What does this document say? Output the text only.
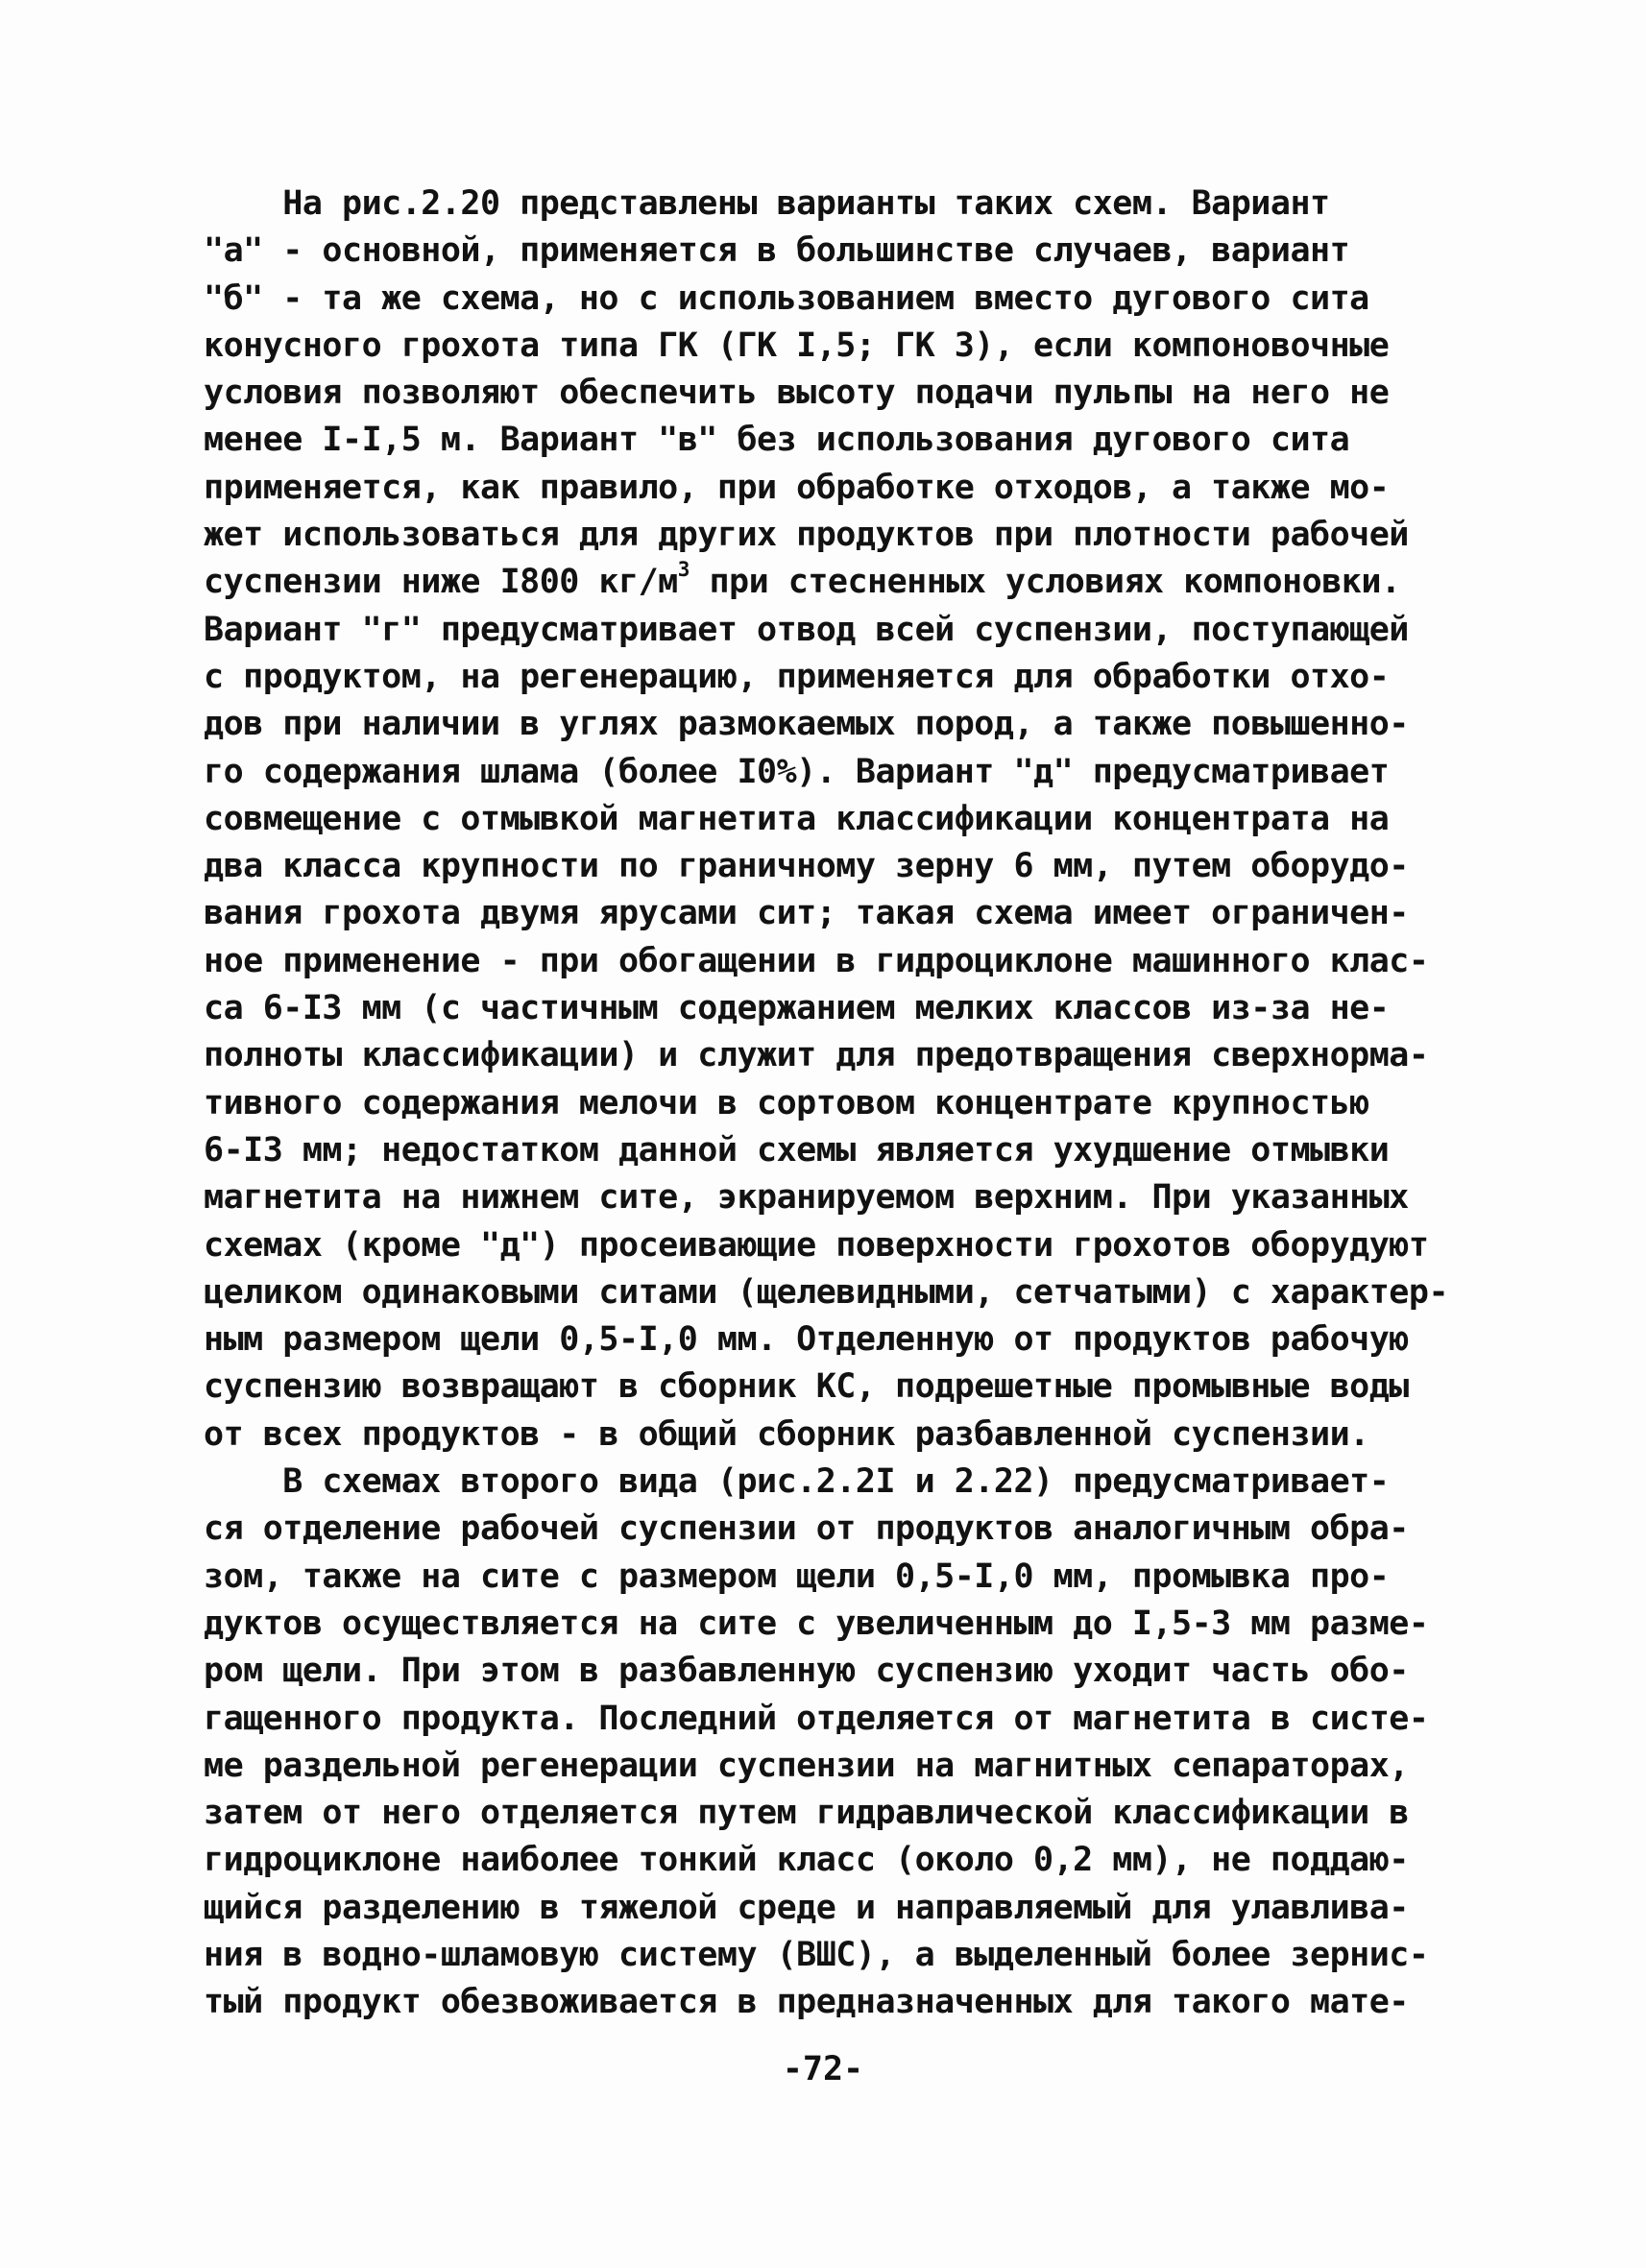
На рис.2.20 представлены варианты таких схем. Вариант
"а" - основной, применяется в большинстве случаев, вариант
"б" - та же схема, но с использованием вместо дугового сита
конусного грохота типа ГК (ГК I,5; ГК 3), если компоновочные
условия позволяют обеспечить высоту подачи пульпы на него не
менее I-I,5 м. Вариант "в" без использования дугового сита
применяется, как правило, при обработке отходов, а также мо-
жет использоваться для других продуктов при плотности рабочей
суспензии ниже I800 $кг/м^3$ при стесненных условиях компоновки.
Вариант "г" предусматривает отвод всей суспензии, поступающей
с продуктом, на регенерацию, применяется для обработки отхо-
дов при наличии в углях размокаемых пород, а также повышенно-
го содержания шлама (более I0%). Вариант "д" предусматривает
совмещение с отмывкой магнетита классификации концентрата на
два класса крупности по граничному зерну 6 мм, путем оборудо-
вания грохота двумя ярусами сит; такая схема имеет ограничен-
ное применение - при обогащении в гидроциклоне машинного клас-
са 6-I3 мм (с частичным содержанием мелких классов из-за не-
полноты классификации) и служит для предотвращения сверхнорма-
тивного содержания мелочи в сортовом концентрате крупностью
6-I3 мм; недостатком данной схемы является ухудшение отмывки
магнетита на нижнем сите, экранируемом верхним. При указанных
схемах (кроме "д") просеивающие поверхности грохотов оборудуют
целиком одинаковыми ситами (щелевидными, сетчатыми) с характер-
ным размером щели 0,5-I,0 мм. Отделенную от продуктов рабочую
суспензию возвращают в сборник КС, подрешетные промывные воды
от всех продуктов - в общий сборник разбавленной суспензии.
В схемах второго вида (рис.2.2I и 2.22) предусматривает-
ся отделение рабочей суспензии от продуктов аналогичным обра-
зом, также на сите с размером щели 0,5-I,0 мм, промывка про-
дуктов осуществляется на сите с увеличенным до I,5-3 мм разме-
ром щели. При этом в разбавленную суспензию уходит часть обо-
гащенного продукта. Последний отделяется от магнетита в систе-
ме раздельной регенерации суспензии на магнитных сепараторах,
затем от него отделяется путем гидравлической классификации в
гидроциклоне наиболее тонкий класс (около 0,2 мм), не поддаю-
щийся разделению в тяжелой среде и направляемый для улавлива-
ния в водно-шламовую систему (ВШС), а выделенный более зернис-
тый продукт обезвоживается в предназначенных для такого мате-
-72-
